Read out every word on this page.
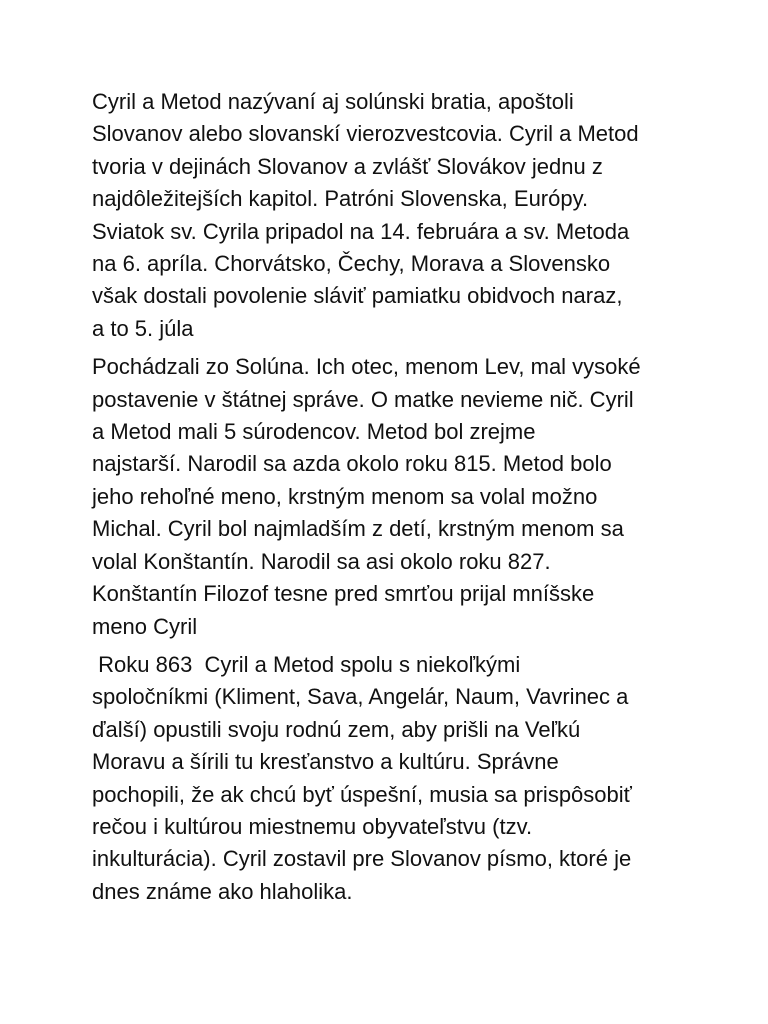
Cyril a Metod nazývaní aj solúnski bratia, apoštoli
Slovanov alebo slovanskí vierozvestcovia. Cyril a Metod
tvoria v dejinách Slovanov a zvlášť Slovákov jednu z
najdôležitejších kapitol. Patróni Slovenska, Európy.
Sviatok sv. Cyrila pripadol na 14. februára a sv. Metoda
na 6. apríla. Chorvátsko, Čechy, Morava a Slovensko
však dostali povolenie sláviť pamiatku obidvoch naraz,
a to 5. júla

Pochádzali zo Solúna. Ich otec, menom Lev, mal vysoké
postavenie v štátnej správe. O matke nevieme nič. Cyril
a Metod mali 5 súrodencov. Metod bol zrejme
najstarší. Narodil sa azda okolo roku 815. Metod bolo
jeho rehoľné meno, krstným menom sa volal možno
Michal. Cyril bol najmladším z detí, krstným menom sa
volal Konštantín. Narodil sa asi okolo roku 827.
Konštantín Filozof tesne pred smrťou prijal mníšske
meno Cyril

Roku 863  Cyril a Metod spolu s niekoľkými
spoločníkmi (Kliment, Sava, Angelár, Naum, Vavrinec a
ďalší) opustili svoju rodnú zem, aby prišli na Veľkú
Moravu a šírili tu kresťanstvo a kultúru. Správne
pochopili, že ak chcú byť úspešní, musia sa prispôsobiť
rečou i kultúrou miestnemu obyvateľstvu (tzv.
inkulturácia). Cyril zostavil pre Slovanov písmo, ktoré je
dnes známe ako hlaholika.
